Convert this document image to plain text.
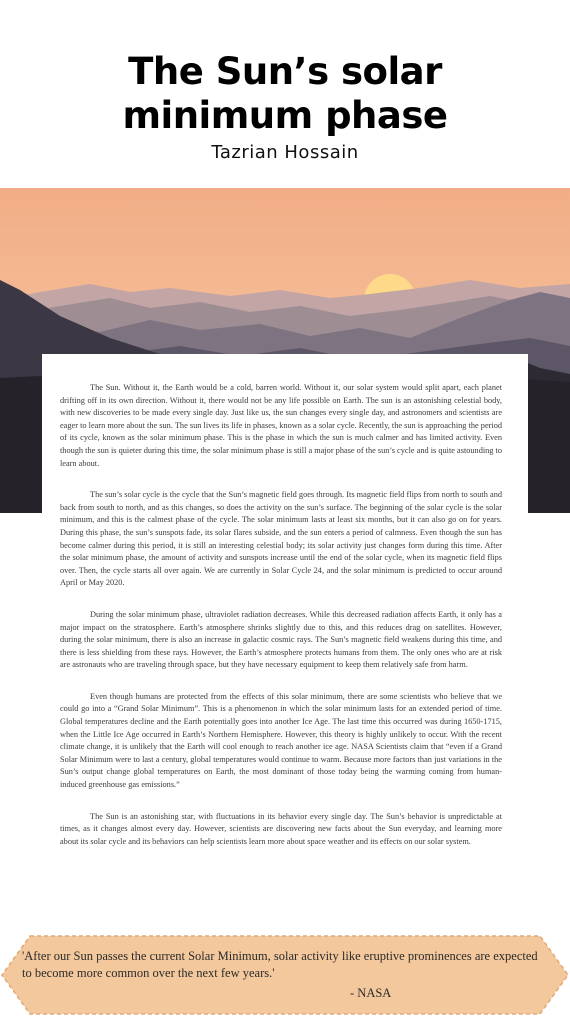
The Sun’s solar
minimum phase
Tazrian Hossain

The Sun. Without it, the Earth would be a cold, barren world. Without it, our solar system would split apart, each planet drifting off in its own direction. Without it, there would not be any life possible on Earth. The sun is an astonishing celestial body, with new discoveries to be made every single day. Just like us, the sun changes every single day, and astronomers and scientists are eager to learn more about the sun. The sun lives its life in phases, known as a solar cycle. Recently, the sun is approaching the period of its cycle, known as the solar minimum phase. This is the phase in which the sun is much calmer and has limited activity. Even though the sun is quieter during this time, the solar minimum phase is still a major phase of the sun’s cycle and is quite astounding to learn about.

The sun’s solar cycle is the cycle that the Sun’s magnetic field goes through. Its magnetic field flips from north to south and back from south to north, and as this changes, so does the activity on the sun’s surface. The beginning of the solar cycle is the solar minimum, and this is the calmest phase of the cycle. The solar minimum lasts at least six months, but it can also go on for years. During this phase, the sun’s sunspots fade, its solar flares subside, and the sun enters a period of calmness. Even though the sun has become calmer during this period, it is still an interesting celestial body; its solar activity just changes form during this time. After the solar minimum phase, the amount of activity and sunspots increase until the end of the solar cycle, when its magnetic field flips over. Then, the cycle starts all over again. We are currently in Solar Cycle 24, and the solar minimum is predicted to occur around April or May 2020.

During the solar minimum phase, ultraviolet radiation decreases. While this decreased radiation affects Earth, it only has a major impact on the stratosphere. Earth’s atmosphere shrinks slightly due to this, and this reduces drag on satellites. However, during the solar minimum, there is also an increase in galactic cosmic rays. The Sun’s magnetic field weakens during this time, and there is less shielding from these rays. However, the Earth’s atmosphere protects humans from them. The only ones who are at risk are astronauts who are traveling through space, but they have necessary equipment to keep them relatively safe from harm.

Even though humans are protected from the effects of this solar minimum, there are some scientists who believe that we could go into a “Grand Solar Minimum”. This is a phenomenon in which the solar minimum lasts for an extended period of time. Global temperatures decline and the Earth potentially goes into another Ice Age. The last time this occurred was during 1650-1715, when the Little Ice Age occurred in Earth’s Northern Hemisphere. However, this theory is highly unlikely to occur. With the recent climate change, it is unlikely that the Earth will cool enough to reach another ice age. NASA Scientists claim that “even if a Grand Solar Minimum were to last a century, global temperatures would continue to warm. Because more factors than just variations in the Sun’s output change global temperatures on Earth, the most dominant of those today being the warming coming from human-induced greenhouse gas emissions.”

The Sun is an astonishing star, with fluctuations in its behavior every single day. The Sun’s behavior is unpredictable at times, as it changes almost every day. However, scientists are discovering new facts about the Sun everyday, and learning more about its solar cycle and its behaviors can help scientists learn more about space weather and its effects on our solar system.

'After our Sun passes the current Solar Minimum, solar activity like eruptive prominences are expected to become more common over the next few years.'
- NASA
